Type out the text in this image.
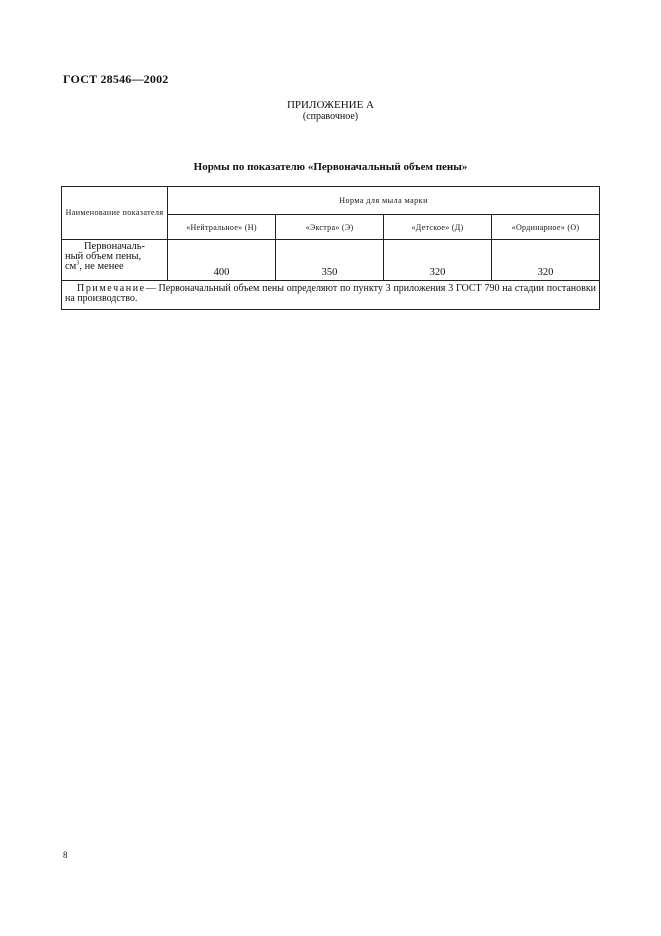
ГОСТ 28546—2002
ПРИЛОЖЕНИЕ А
(справочное)
Нормы по показателю «Первоначальный объем пены»
Наименование показателя	Норма для мыла марки			
	«Нейтральное» (Н)	«Экстра» (Э)	«Детское» (Д)	«Ординарное» (О)

Первоначаль-
ный объем пены,
$см^3$, не менее	400	350	320	320
Примечание— Первоначальный объем пены определяют по пункту 3 приложения 3 ГОСТ 790 на стадии постановки на производство.				
8
